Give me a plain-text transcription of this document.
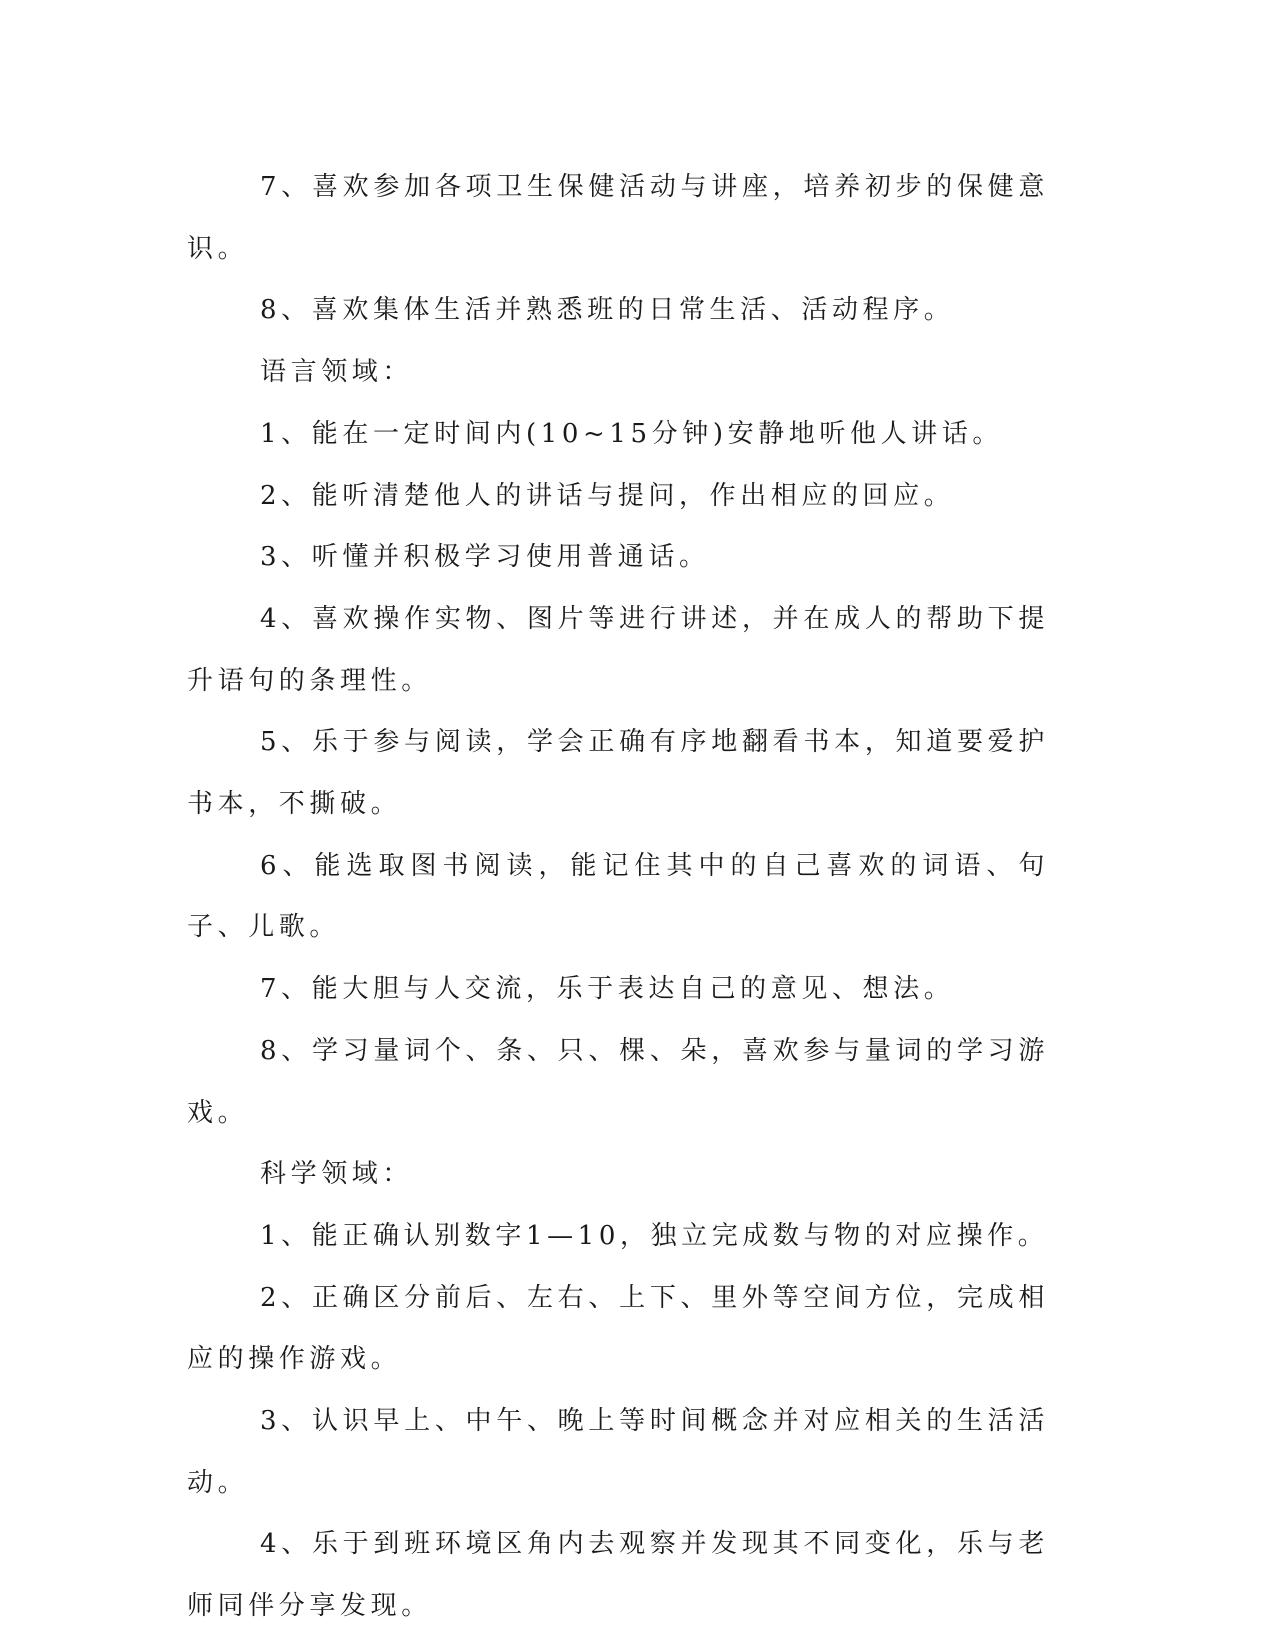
7、喜欢参加各项卫生保健活动与讲座，培养初步的保健意识。

8、喜欢集体生活并熟悉班的日常生活、活动程序。

语言领域：

1、能在一定时间内(10~15分钟)安静地听他人讲话。

2、能听清楚他人的讲话与提问，作出相应的回应。

3、听懂并积极学习使用普通话。

4、喜欢操作实物、图片等进行讲述，并在成人的帮助下提升语句的条理性。

5、乐于参与阅读，学会正确有序地翻看书本，知道要爱护书本，不撕破。

6、能选取图书阅读，能记住其中的自己喜欢的词语、句子、儿歌。

7、能大胆与人交流，乐于表达自己的意见、想法。

8、学习量词个、条、只、棵、朵，喜欢参与量词的学习游戏。

科学领域：

1、能正确认别数字1—10，独立完成数与物的对应操作。

2、正确区分前后、左右、上下、里外等空间方位，完成相应的操作游戏。

3、认识早上、中午、晚上等时间概念并对应相关的生活活动。

4、乐于到班环境区角内去观察并发现其不同变化，乐与老师同伴分享发现。
